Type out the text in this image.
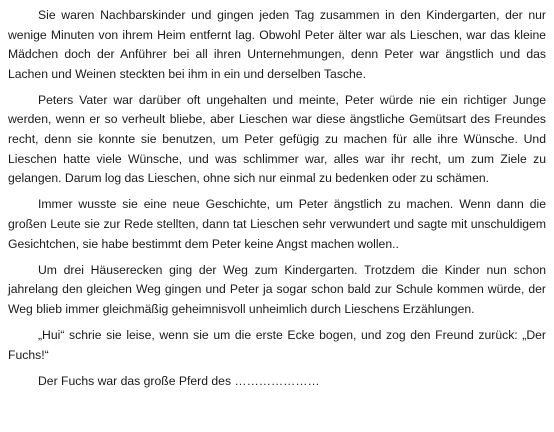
Sie waren Nachbarskinder und gingen jeden Tag zusammen in den Kindergarten, der nur wenige Minuten von ihrem Heim entfernt lag. Obwohl Peter älter war als Lieschen, war das kleine Mädchen doch der Anführer bei all ihren Unternehmungen, denn Peter war ängstlich und das Lachen und Weinen steckten bei ihm in ein und derselben Tasche.

Peters Vater war darüber oft ungehalten und meinte, Peter würde nie ein richtiger Junge werden, wenn er so verheult bliebe, aber Lieschen war diese ängstliche Gemütsart des Freundes recht, denn sie konnte sie benutzen, um Peter gefügig zu machen für alle ihre Wünsche. Und Lieschen hatte viele Wünsche, und was schlimmer war, alles war ihr recht, um zum Ziele zu gelangen. Darum log das Lieschen, ohne sich nur einmal zu bedenken oder zu schämen.

Immer wusste sie eine neue Geschichte, um Peter ängstlich zu machen. Wenn dann die großen Leute sie zur Rede stellten, dann tat Lieschen sehr verwundert und sagte mit unschuldigem Gesichtchen, sie habe bestimmt dem Peter keine Angst machen wollen..

Um drei Häuserecken ging der Weg zum Kindergarten. Trotzdem die Kinder nun schon jahrelang den gleichen Weg gingen und Peter ja sogar schon bald zur Schule kommen würde, der Weg blieb immer gleichmäßig geheimnisvoll unheimlich durch Lieschens Erzählungen.

„Hui“ schrie sie leise, wenn sie um die erste Ecke bogen, und zog den Freund zurück: „Der Fuchs!“

Der Fuchs war das große Pferd des …………………
